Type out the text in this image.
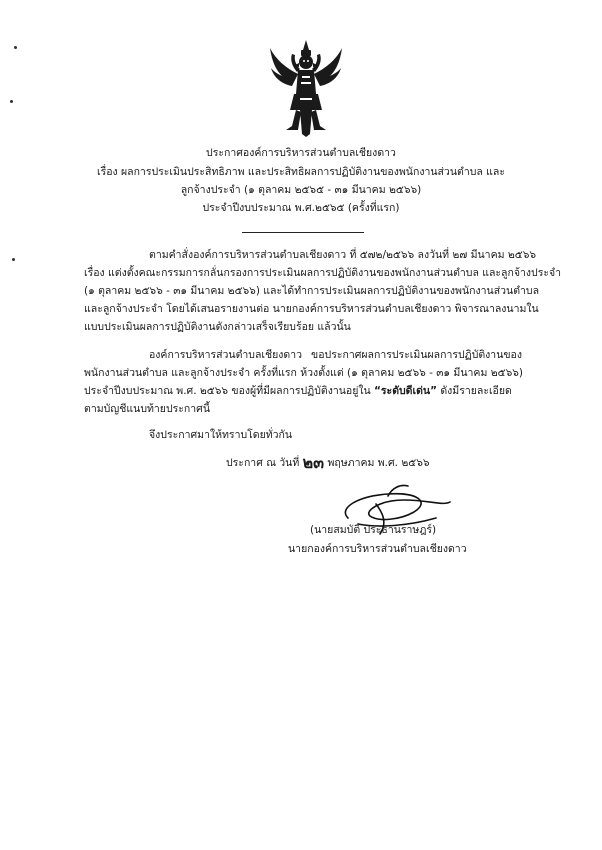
ประกาศองค์การบริหารส่วนตำบลเชียงดาว
เรื่อง ผลการประเมินประสิทธิภาพ และประสิทธิผลการปฏิบัติงานของพนักงานส่วนตำบล และ
ลูกจ้างประจำ (๑ ตุลาคม ๒๕๖๕ - ๓๑ มีนาคม ๒๕๖๖)
ประจำปีงบประมาณ พ.ศ.๒๕๖๕ (ครั้งที่แรก)
ตามคำสั่งองค์การบริหารส่วนตำบลเชียงดาว ที่ ๕๗๒/๒๕๖๖ ลงวันที่ ๒๗ มีนาคม ๒๕๖๖
เรื่อง แต่งตั้งคณะกรรมการกลั่นกรองการประเมินผลการปฏิบัติงานของพนักงานส่วนตำบล และลูกจ้างประจำ
(๑ ตุลาคม ๒๕๖๖ - ๓๑ มีนาคม ๒๕๖๖) และได้ทำการประเมินผลการปฏิบัติงานของพนักงานส่วนตำบล
และลูกจ้างประจำ โดยได้เสนอรายงานต่อ นายกองค์การบริหารส่วนตำบลเชียงดาว พิจารณาลงนามใน
แบบประเมินผลการปฏิบัติงานดังกล่าวเสร็จเรียบร้อย แล้วนั้น
องค์การบริหารส่วนตำบลเชียงดาว ขอประกาศผลการประเมินผลการปฏิบัติงานของ
พนักงานส่วนตำบล และลูกจ้างประจำ ครั้งที่แรก ห้วงตั้งแต่ (๑ ตุลาคม ๒๕๖๖ - ๓๑ มีนาคม ๒๕๖๖)
ประจำปีงบประมาณ พ.ศ. ๒๕๖๖ ของผู้ที่มีผลการปฏิบัติงานอยู่ใน “ระดับดีเด่น” ดังมีรายละเอียด
ตามบัญชีแนบท้ายประกาศนี้
จึงประกาศมาให้ทราบโดยทั่วกัน
ประกาศ ณ วันที่ ๒๓ พฤษภาคม พ.ศ. ๒๕๖๖
(นายสมบัติ ประธานราษฎร์)
นายกองค์การบริหารส่วนตำบลเชียงดาว
